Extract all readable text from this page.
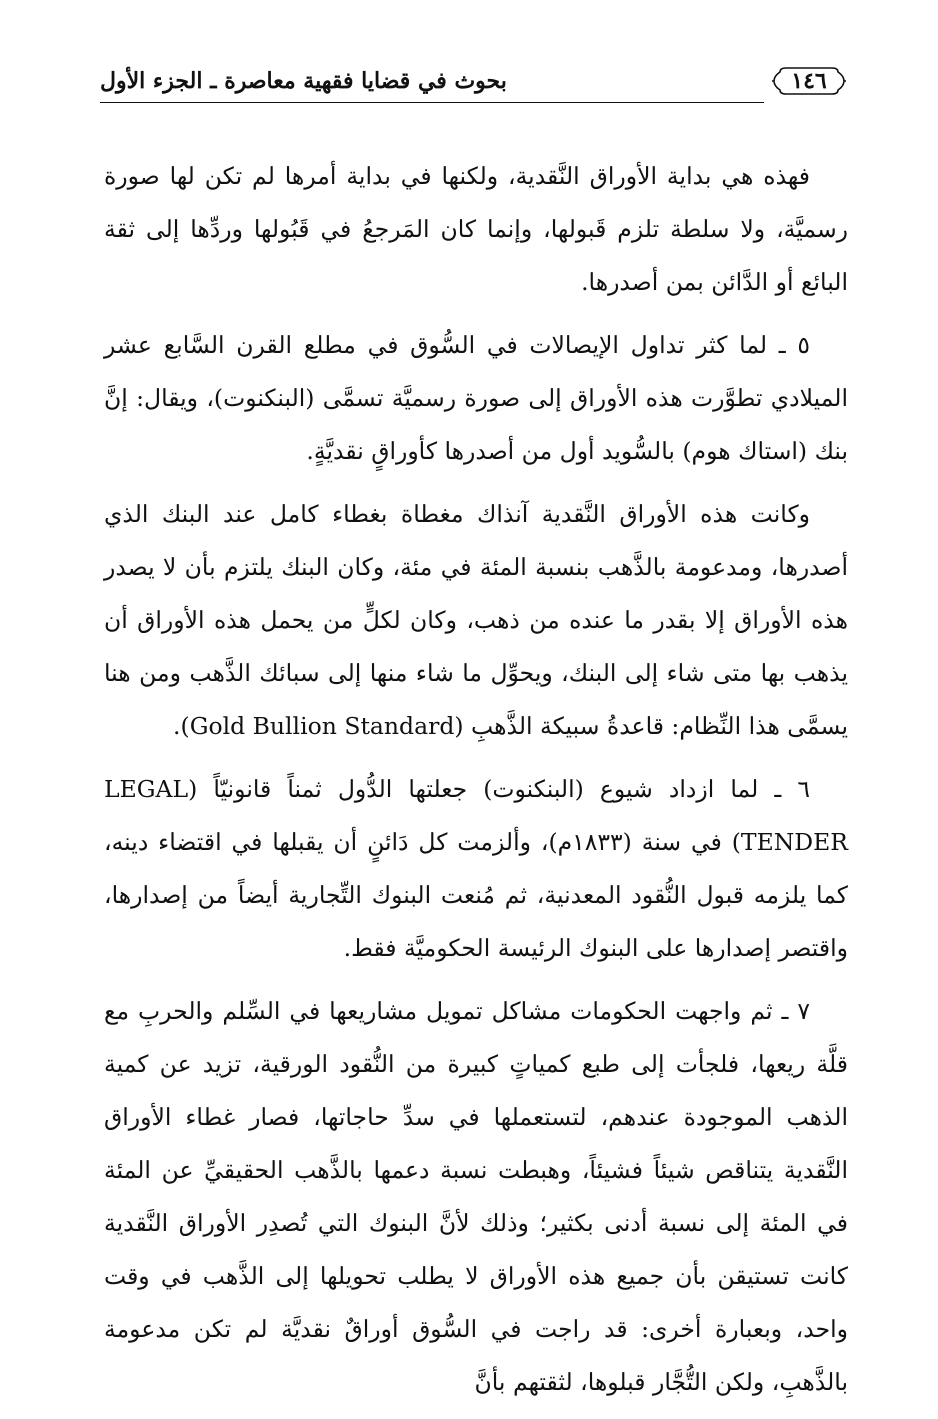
١٤٦
بحوث في قضايا فقهية معاصرة ـ الجزء الأول

فهذه هي بداية الأوراق النَّقدية، ولكنها في بداية أمرها لم تكن لها صورة رسميَّة، ولا سلطة تلزم قَبولها، وإنما كان المَرجعُ في قَبُولها وردِّها إلى ثقة البائع أو الدَّائن بمن أصدرها.

٥ ـ لما كثر تداول الإيصالات في السُّوق في مطلع القرن السَّابع عشر الميلادي تطوَّرت هذه الأوراق إلى صورة رسميَّة تسمَّى (البنكنوت)، ويقال: إنَّ بنك (استاك هوم) بالسُّويد أول من أصدرها كأوراقٍ نقديَّةٍ.

وكانت هذه الأوراق النَّقدية آنذاك مغطاة بغطاء كامل عند البنك الذي أصدرها، ومدعومة بالذَّهب بنسبة المئة في مئة، وكان البنك يلتزم بأن لا يصدر هذه الأوراق إلا بقدر ما عنده من ذهب، وكان لكلٍّ من يحمل هذه الأوراق أن يذهب بها متى شاء إلى البنك، ويحوِّل ما شاء منها إلى سبائك الذَّهب ومن هنا يسمَّى هذا النِّظام: قاعدةُ سبيكة الذَّهبِ (Gold Bullion Standard).

٦ ـ لما ازداد شيوع (البنكنوت) جعلتها الدُّول ثمناً قانونيّاً (LEGAL TENDER) في سنة (١٨٣٣م)، وألزمت كل دَائنٍ أن يقبلها في اقتضاء دينه، كما يلزمه قبول النُّقود المعدنية، ثم مُنعت البنوك التِّجارية أيضاً من إصدارها، واقتصر إصدارها على البنوك الرئيسة الحكوميَّة فقط.

٧ ـ ثم واجهت الحكومات مشاكل تمويل مشاريعها في السِّلم والحربِ مع قلَّة ريعها، فلجأت إلى طبع كمياتٍ كبيرة من النُّقود الورقية، تزيد عن كمية الذهب الموجودة عندهم، لتستعملها في سدِّ حاجاتها، فصار غطاء الأوراق النَّقدية يتناقص شيئاً فشيئاً، وهبطت نسبة دعمها بالذَّهب الحقيقيِّ عن المئة في المئة إلى نسبة أدنى بكثير؛ وذلك لأنَّ البنوك التي تُصدِر الأوراق النَّقدية كانت تستيقن بأن جميع هذه الأوراق لا يطلب تحويلها إلى الذَّهب في وقت واحد، وبعبارة أخرى: قد راجت في السُّوق أوراقٌ نقديَّة لم تكن مدعومة بالذَّهبِ، ولكن التُّجَّار قبلوها، لثقتهم بأنَّ
